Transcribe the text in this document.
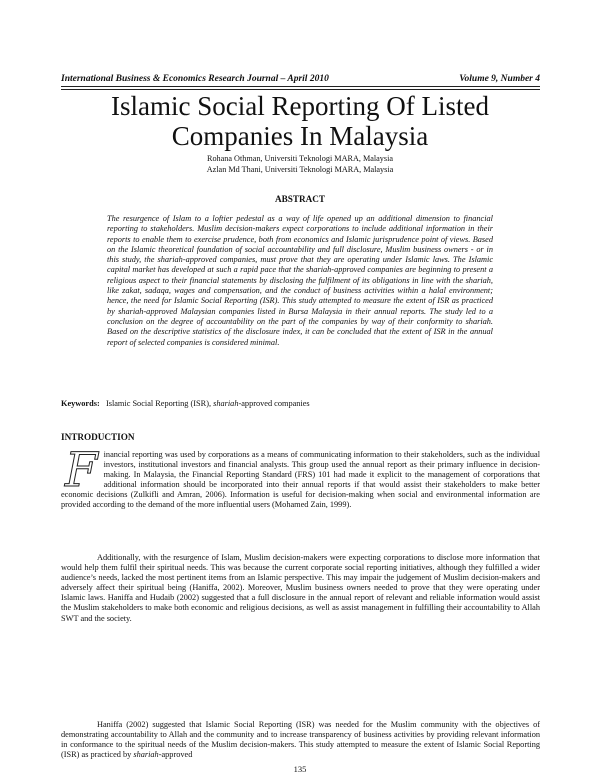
International Business & Economics Research Journal – April 2010	Volume 9, Number 4
Islamic Social Reporting Of Listed
Companies In Malaysia
Rohana Othman, Universiti Teknologi MARA, Malaysia
Azlan Md Thani, Universiti Teknologi MARA, Malaysia
ABSTRACT

The resurgence of Islam to a loftier pedestal as a way of life opened up an additional dimension to financial reporting to stakeholders. Muslim decision-makers expect corporations to include additional information in their reports to enable them to exercise prudence, both from economics and Islamic jurisprudence point of views. Based on the Islamic theoretical foundation of social accountability and full disclosure, Muslim business owners - or in this study, the shariah-approved companies, must prove that they are operating under Islamic laws. The Islamic capital market has developed at such a rapid pace that the shariah-approved companies are beginning to present a religious aspect to their financial statements by disclosing the fulfilment of its obligations in line with the shariah, like zakat, sadaqa, wages and compensation, and the conduct of business activities within a halal environment; hence, the need for Islamic Social Reporting (ISR). This study attempted to measure the extent of ISR as practiced by shariah-approved Malaysian companies listed in Bursa Malaysia in their annual reports. The study led to a conclusion on the degree of accountability on the part of the companies by way of their conformity to shariah. Based on the descriptive statistics of the disclosure index, it can be concluded that the extent of ISR in the annual report of selected companies is considered minimal.

Keywords: Islamic Social Reporting (ISR), shariah-approved companies
INTRODUCTION

Financial reporting was used by corporations as a means of communicating information to their stakeholders, such as the individual investors, institutional investors and financial analysts. This group used the annual report as their primary influence in decision-making. In Malaysia, the Financial Reporting Standard (FRS) 101 had made it explicit to the management of corporations that additional information should be incorporated into their annual reports if that would assist their stakeholders to make better economic decisions (Zulkifli and Amran, 2006). Information is useful for decision-making when social and environmental information are provided according to the demand of the more influential users (Mohamed Zain, 1999).

Additionally, with the resurgence of Islam, Muslim decision-makers were expecting corporations to disclose more information that would help them fulfil their spiritual needs. This was because the current corporate social reporting initiatives, although they fulfilled a wider audience’s needs, lacked the most pertinent items from an Islamic perspective. This may impair the judgement of Muslim decision-makers and adversely affect their spiritual being (Haniffa, 2002). Moreover, Muslim business owners needed to prove that they were operating under Islamic laws. Haniffa and Hudaib (2002) suggested that a full disclosure in the annual report of relevant and reliable information would assist the Muslim stakeholders to make both economic and religious decisions, as well as assist management in fulfilling their accountability to Allah SWT and the society.

Haniffa (2002) suggested that Islamic Social Reporting (ISR) was needed for the Muslim community with the objectives of demonstrating accountability to Allah and the community and to increase transparency of business activities by providing relevant information in conformance to the spiritual needs of the Muslim decision-makers. This study attempted to measure the extent of Islamic Social Reporting (ISR) as practiced by shariah-approved

135
